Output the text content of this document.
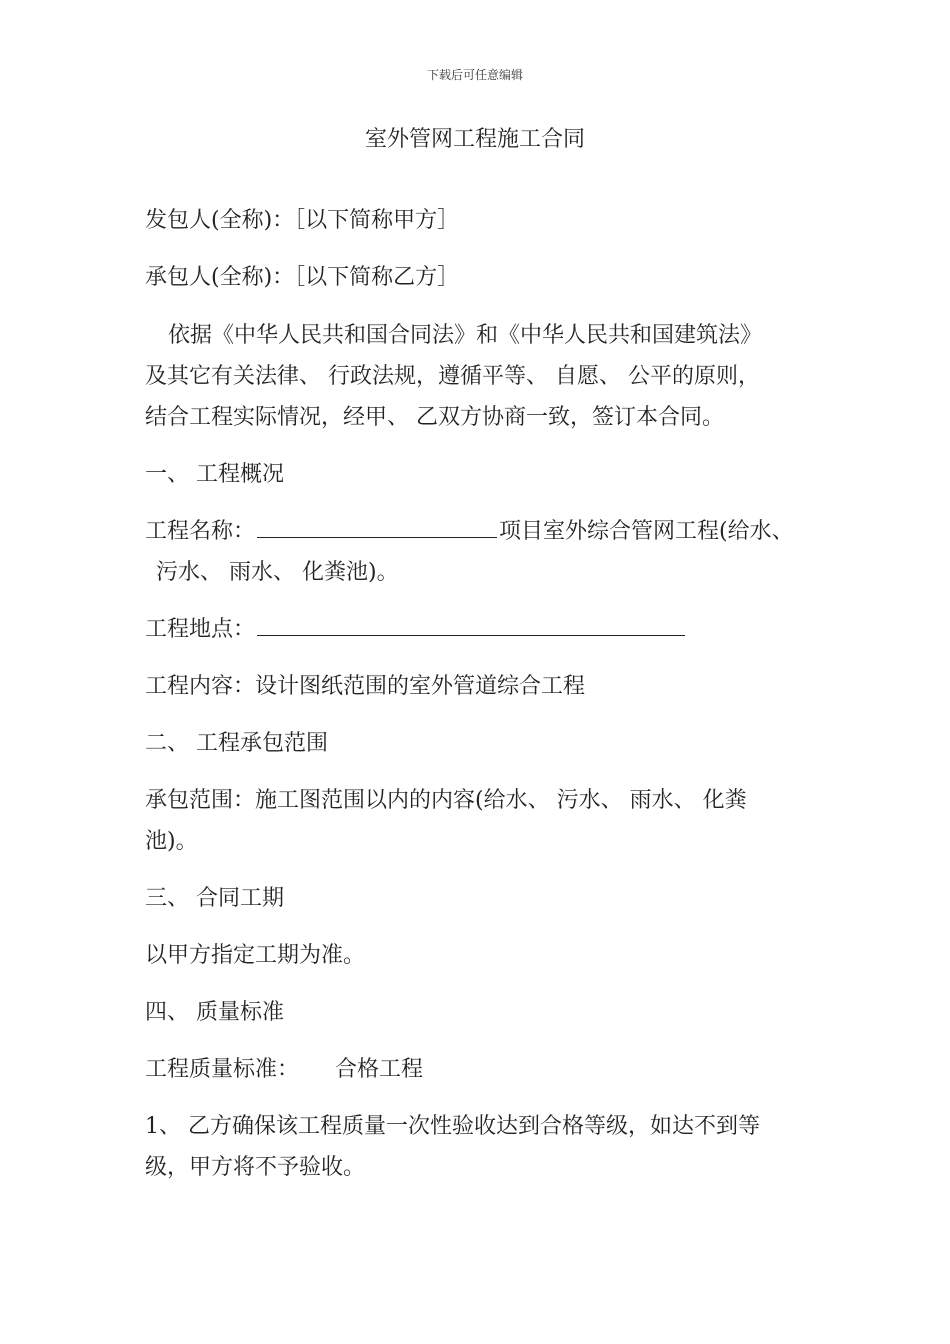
下载后可任意编辑
室外管网工程施工合同
发包人(全称)：［以下简称甲方］
承包人(全称)：［以下简称乙方］
依据《中华人民共和国合同法》和《中华人民共和国建筑法》
及其它有关法律、 行政法规，遵循平等、 自愿、 公平的原则，
结合工程实际情况，经甲、 乙双方协商一致，签订本合同。
一、 工程概况
工程名称：	项目室外综合管网工程(给水、
污水、 雨水、 化粪池)。
工程地点：
工程内容：设计图纸范围的室外管道综合工程
二、 工程承包范围
承包范围：施工图范围以内的内容(给水、 污水、 雨水、 化粪
池)。
三、 合同工期
以甲方指定工期为准。
四、 质量标准
工程质量标准： 合格工程
1、 乙方确保该工程质量一次性验收达到合格等级，如达不到等
级，甲方将不予验收。
